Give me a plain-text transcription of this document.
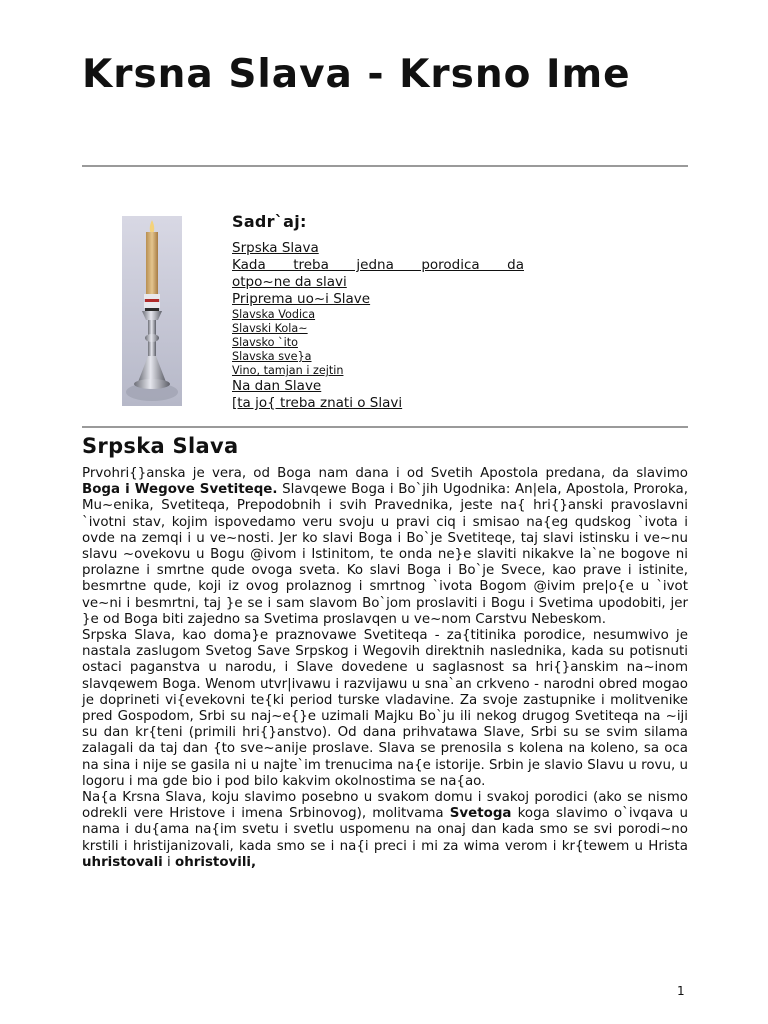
Krsna Slava - Krsno Ime
Sadr`aj:
Srpska Slava
Kada treba jedna porodica da
otpo~ne da slavi
Priprema uo~i Slave
Slavska Vodica
Slavski Kola~
Slavsko `ito
Slavska sve}a
Vino, tamjan i zejtin
Na dan Slave
[ta jo{ treba znati o Slavi
Srpska Slava

Prvohri{}anska je vera, od Boga nam dana i od Svetih Apostola predana, da slavimo Boga i Wegove Svetiteqe. Slavqewe Boga i Bo`jih Ugodnika: An|ela, Apostola, Proroka, Mu~enika, Svetiteqa, Prepodobnih i svih Pravednika, jeste na{ hri{}anski pravoslavni `ivotni stav, kojim ispovedamo veru svoju u pravi ciq i smisao na{eg qudskog `ivota i ovde na zemqi i u ve~nosti. Jer ko slavi Boga i Bo`je Svetiteqe, taj slavi istinsku i ve~nu slavu ~ovekovu u Bogu @ivom i Istinitom, te onda ne}e slaviti nikakve la`ne bogove ni prolazne i smrtne qude ovoga sveta. Ko slavi Boga i Bo`je Svece, kao prave i istinite, besmrtne qude, koji iz ovog prolaznog i smrtnog `ivota Bogom @ivim pre|o{e u `ivot ve~ni i besmrtni, taj }e se i sam slavom Bo`jom proslaviti i Bogu i Svetima upodobiti, jer }e od Boga biti zajedno sa Svetima proslavqen u ve~nom Carstvu Nebeskom.

Srpska Slava, kao doma}e praznovawe Svetiteqa - za{titinika porodice, nesumwivo je nastala zaslugom Svetog Save Srpskog i Wegovih direktnih naslednika, kada su potisnuti ostaci paganstva u narodu, i Slave dovedene u saglasnost sa hri{}anskim na~inom slavqewem Boga. Wenom utvr|ivawu i razvijawu u sna`an crkveno - narodni obred mogao je doprineti vi{evekovni te{ki period turske vladavine. Za svoje zastupnike i molitvenike pred Gospodom, Srbi su naj~e{}e uzimali Majku Bo`ju ili nekog drugog Svetiteqa na ~iji su dan kr{teni (primili hri{}anstvo). Od dana prihvatawa Slave, Srbi su se svim silama zalagali da taj dan {to sve~anije proslave. Slava se prenosila s kolena na koleno, sa oca na sina i nije se gasila ni u najte`im trenucima na{e istorije. Srbin je slavio Slavu u rovu, u logoru i ma gde bio i pod bilo kakvim okolnostima se na{ao.

Na{a Krsna Slava, koju slavimo posebno u svakom domu i svakoj porodici (ako se nismo odrekli vere Hristove i imena Srbinovog), molitvama Svetoga koga slavimo o`ivqava u nama i du{ama na{im svetu i svetlu uspomenu na onaj dan kada smo se svi porodi~no krstili i hristijanizovali, kada smo se i na{i preci i mi za wima verom i kr{tewem u Hrista uhristovali i ohristovili,

1
